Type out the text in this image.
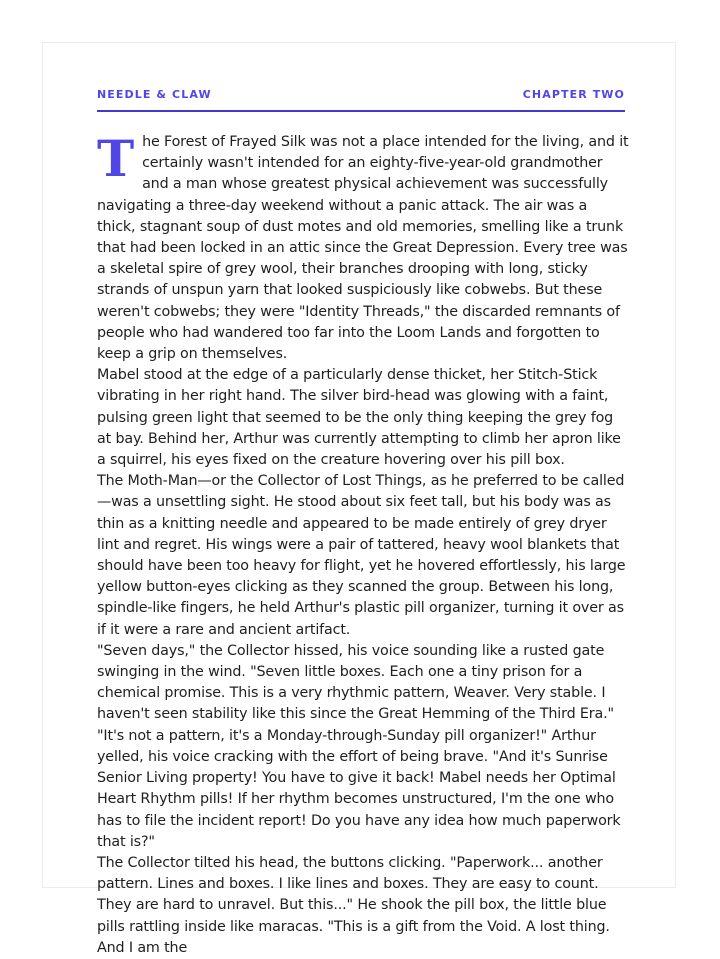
NEEDLE & CLAW	CHAPTER TWO

The Forest of Frayed Silk was not a place intended for the living, and it certainly wasn't intended for an eighty-five-year-old grandmother and a man whose greatest physical achievement was successfully navigating a three-day weekend without a panic attack. The air was a thick, stagnant soup of dust motes and old memories, smelling like a trunk that had been locked in an attic since the Great Depression. Every tree was a skeletal spire of grey wool, their branches drooping with long, sticky strands of unspun yarn that looked suspiciously like cobwebs. But these weren't cobwebs; they were "Identity Threads," the discarded remnants of people who had wandered too far into the Loom Lands and forgotten to keep a grip on themselves.

Mabel stood at the edge of a particularly dense thicket, her Stitch-Stick vibrating in her right hand. The silver bird-head was glowing with a faint, pulsing green light that seemed to be the only thing keeping the grey fog at bay. Behind her, Arthur was currently attempting to climb her apron like a squirrel, his eyes fixed on the creature hovering over his pill box.

The Moth-Man—or the Collector of Lost Things, as he preferred to be called—was a unsettling sight. He stood about six feet tall, but his body was as thin as a knitting needle and appeared to be made entirely of grey dryer lint and regret. His wings were a pair of tattered, heavy wool blankets that should have been too heavy for flight, yet he hovered effortlessly, his large yellow button-eyes clicking as they scanned the group. Between his long, spindle-like fingers, he held Arthur's plastic pill organizer, turning it over as if it were a rare and ancient artifact.

"Seven days," the Collector hissed, his voice sounding like a rusted gate swinging in the wind. "Seven little boxes. Each one a tiny prison for a chemical promise. This is a very rhythmic pattern, Weaver. Very stable. I haven't seen stability like this since the Great Hemming of the Third Era."

"It's not a pattern, it's a Monday-through-Sunday pill organizer!" Arthur yelled, his voice cracking with the effort of being brave. "And it's Sunrise Senior Living property! You have to give it back! Mabel needs her Optimal Heart Rhythm pills! If her rhythm becomes unstructured, I'm the one who has to file the incident report! Do you have any idea how much paperwork that is?"

The Collector tilted his head, the buttons clicking. "Paperwork... another pattern. Lines and boxes. I like lines and boxes. They are easy to count. They are hard to unravel. But this..." He shook the pill box, the little blue pills rattling inside like maracas. "This is a gift from the Void. A lost thing. And I am the
